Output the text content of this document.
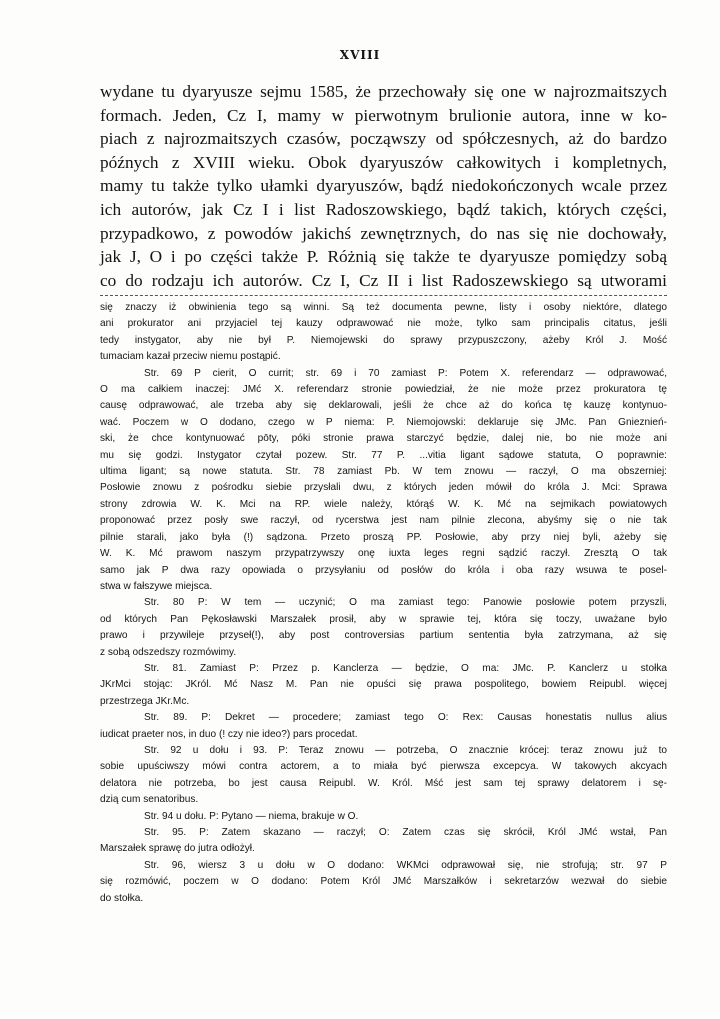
XVIII
wydane tu dyaryusze sejmu 1585, że przechowały się one w najrozmaitszych
formach. Jeden, Cz I, mamy w pierwotnym brulionie autora, inne w ko-
piach z najrozmaitszych czasów, począwszy od spółczesnych, aż do bardzo
późnych z XVIII wieku. Obok dyaryuszów całkowitych i kompletnych,
mamy tu także tylko ułamki dyaryuszów, bądź niedokończonych wcale przez
ich autorów, jak Cz I i list Radoszowskiego, bądź takich, których części,
przypadkowo, z powodów jakichś zewnętrznych, do nas się nie dochowały,
jak J, O i po części także P. Różnią się także te dyaryusze pomiędzy sobą
co do rodzaju ich autorów. Cz I, Cz II i list Radoszewskiego są utworami
się znaczy iż obwinienia tego są winni. Są też documenta pewne, listy i osoby niektóre, dlatego
ani prokurator ani przyjaciel tej kauzy odprawować nie może, tylko sam principalis citatus, jeśli
tedy instygator, aby nie był P. Niemojewski do sprawy przypuszczony, ażeby Król J. Mość
tumaciam kazał przeciw niemu postąpić.
Str. 69 P cierit, O currit; str. 69 i 70 zamiast P: Potem X. referendarz — odprawować,
O ma całkiem inaczej: JMć X. referendarz stronie powiedział, że nie może przez prokuratora tę
causę odprawować, ale trzeba aby się deklarowali, jeśli że chce aż do końca tę kauzę kontynuo-
wać. Poczem w O dodano, czego w P niema: P. Niemojowski: deklaruje się JMc. Pan Gnieznień-
ski, że chce kontynuować pōty, póki stronie prawa starczyć będzie, dalej nie, bo nie może ani
mu się godzi. Instygator czytał pozew. Str. 77 P. ...vitia ligant sądowe statuta, O poprawnie:
ultima ligant; są nowe statuta. Str. 78 zamiast Pb. W tem znowu — raczył, O ma obszerniej:
Posłowie znowu z pośrodku siebie przysłali dwu, z których jeden mówił do króla J. Mci: Sprawa
strony zdrowia W. K. Mci na RP. wiele należy, którąś W. K. Mć na sejmikach powiatowych
proponować przez posły swe raczył, od rycerstwa jest nam pilnie zlecona, abyśmy się o nie tak
pilnie starali, jako była (!) sądzona. Przeto proszą PP. Posłowie, aby przy niej byli, ażeby się
W. K. Mć prawom naszym przypatrzywszy onę iuxta leges regni sądzić raczył. Zresztą O tak
samo jak P dwa razy opowiada o przysyłaniu od posłów do króla i oba razy wsuwa te posel-
stwa w fałszywe miejsca.
Str. 80 P: W tem — uczynić; O ma zamiast tego: Panowie posłowie potem przyszli,
od których Pan Pękosławski Marszałek prosił, aby w sprawie tej, która się toczy, uważane było
prawo i przywileje przyseł(!), aby post controversias partium sententia była zatrzymana, aż się
z sobą odszedszy rozmówimy.
Str. 81. Zamiast P: Przez p. Kanclerza — będzie, O ma: JMc. P. Kanclerz u stołka
JKrMci stojąc: JKról. Mć Nasz M. Pan nie opuści się prawa pospolitego, bowiem Reipubl. więcej
przestrzega JKr.Mc.
Str. 89. P: Dekret — procedere; zamiast tego O: Rex: Causas honestatis nullus alius
iudicat praeter nos, in duo (! czy nie ideo?) pars procedat.
Str. 92 u dołu i 93. P: Teraz znowu — potrzeba, O znacznie krócej: teraz znowu już to
sobie upuściwszy mówi contra actorem, a to miała być pierwsza excepcya. W takowych akcyach
delatora nie potrzeba, bo jest causa Reipubl. W. Król. Mść jest sam tej sprawy delatorem i sę-
dzią cum senatoribus.
Str. 94 u dołu. P: Pytano — niema, brakuje w O.
Str. 95. P: Zatem skazano — raczył; O: Zatem czas się skrócił, Król JMć wstał, Pan
Marszałek sprawę do jutra odłożył.
Str. 96, wiersz 3 u dołu w O dodano: WKMci odprawował się, nie strofują; str. 97 P
się rozmówić, poczem w O dodano: Potem Król JMć Marszałków i sekretarzów wezwał do siebie
do stołka.
